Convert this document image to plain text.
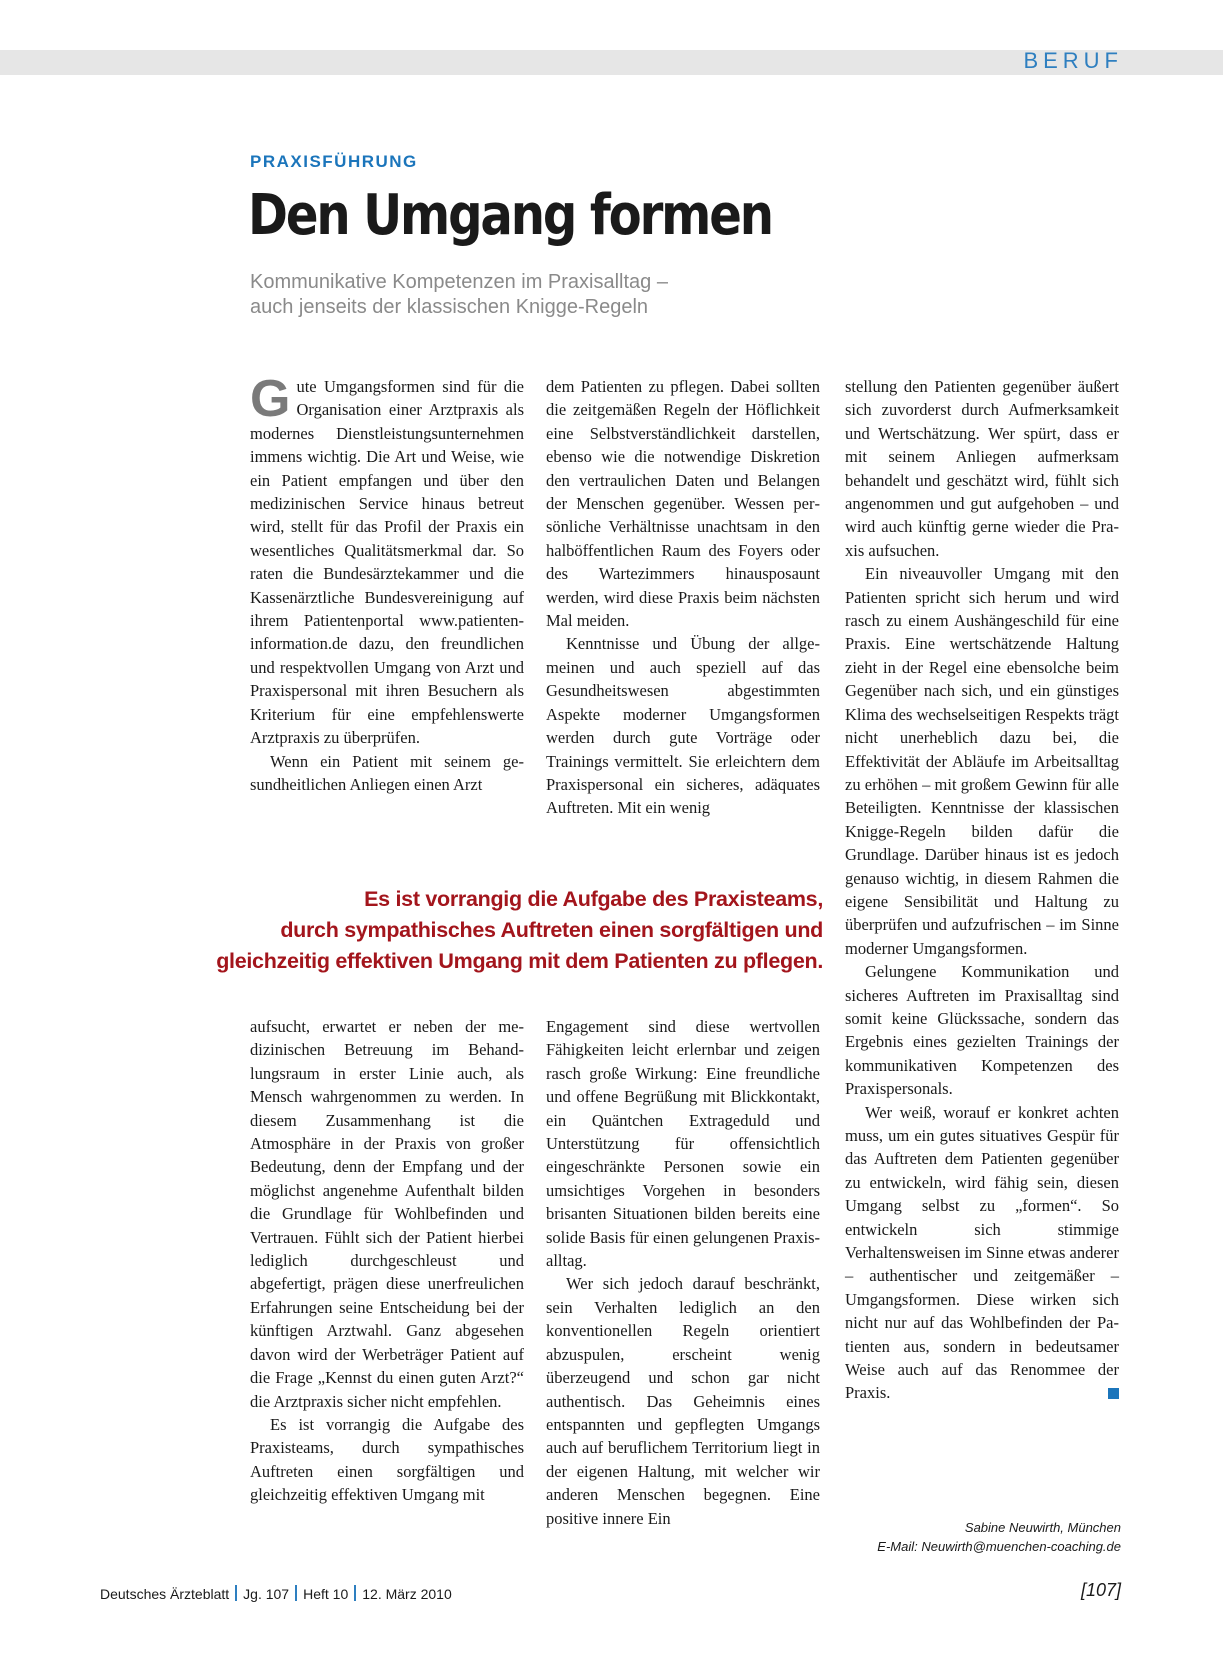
BERUF
PRAXISFÜHRUNG
Den Umgang formen
Kommunikative Kompetenzen im Praxisalltag –
auch jenseits der klassischen Knigge-Regeln

Gute Umgangsformen sind für die Organisation einer Arztpraxis als modernes Dienstleistungsunternehmen immens wichtig. Die Art und Weise, wie ein Patient empfangen und über den medizinischen Service hinaus betreut wird, stellt für das Profil der Praxis ein wesentliches Qualitätsmerkmal dar. So raten die Bundesärztekammer und die Kassenärztliche Bundesvereinigung auf ihrem Patientenportal www.patienten-information.de dazu, den freundlichen und respektvollen Umgang von Arzt und Praxispersonal mit ihren Besuchern als Kriterium für eine empfehlenswerte Arztpraxis zu überprüfen.

Wenn ein Patient mit seinem gesundheitlichen Anliegen einen Arzt

dem Patienten zu pflegen. Dabei sollten die zeitgemäßen Regeln der Höflichkeit eine Selbstverständlichkeit darstellen, ebenso wie die notwendige Diskretion den vertraulichen Daten und Belangen der Menschen gegenüber. Wessen persönliche Verhältnisse unachtsam in den halböffentlichen Raum des Foyers oder des Wartezimmers hinausposaunt werden, wird diese Praxis beim nächsten Mal meiden.

Kenntnisse und Übung der allgemeinen und auch speziell auf das Gesundheitswesen abgestimmten Aspekte moderner Umgangsformen werden durch gute Vorträge oder Trainings vermittelt. Sie erleichtern dem Praxispersonal ein sicheres, adäquates Auftreten. Mit ein wenig

Es ist vorrangig die Aufgabe des Praxisteams,
durch sympathisches Auftreten einen sorgfältigen und
gleichzeitig effektiven Umgang mit dem Patienten zu pflegen.

aufsucht, erwartet er neben der medizinischen Betreuung im Behandlungsraum in erster Linie auch, als Mensch wahrgenommen zu werden. In diesem Zusammenhang ist die Atmosphäre in der Praxis von großer Bedeutung, denn der Empfang und der möglichst angenehme Aufenthalt bilden die Grundlage für Wohlbefinden und Vertrauen. Fühlt sich der Patient hierbei lediglich durchgeschleust und abgefertigt, prägen diese unerfreulichen Erfahrungen seine Entscheidung bei der künftigen Arztwahl. Ganz abgesehen davon wird der Werbeträger Patient auf die Frage „Kennst du einen guten Arzt?“ die Arztpraxis sicher nicht empfehlen.

Es ist vorrangig die Aufgabe des Praxisteams, durch sympathisches Auftreten einen sorgfältigen und gleichzeitig effektiven Umgang mit

Engagement sind diese wertvollen Fähigkeiten leicht erlernbar und zeigen rasch große Wirkung: Eine freundliche und offene Begrüßung mit Blickkontakt, ein Quäntchen Extrageduld und Unterstützung für offensichtlich eingeschränkte Personen sowie ein umsichtiges Vorgehen in besonders brisanten Situationen bilden bereits eine solide Basis für einen gelungenen Praxisalltag.

Wer sich jedoch darauf beschränkt, sein Verhalten lediglich an den konventionellen Regeln orientiert abzuspulen, erscheint wenig überzeugend und schon gar nicht authentisch. Das Geheimnis eines entspannten und gepflegten Umgangs auch auf beruflichem Territorium liegt in der eigenen Haltung, mit welcher wir anderen Menschen begegnen. Eine positive innere Ein

stellung den Patienten gegenüber äußert sich zuvorderst durch Aufmerksamkeit und Wertschätzung. Wer spürt, dass er mit seinem Anliegen aufmerksam behandelt und geschätzt wird, fühlt sich angenommen und gut aufgehoben – und wird auch künftig gerne wieder die Praxis aufsuchen.

Ein niveauvoller Umgang mit den Patienten spricht sich herum und wird rasch zu einem Aushängeschild für eine Praxis. Eine wertschätzende Haltung zieht in der Regel eine ebensolche beim Gegenüber nach sich, und ein günstiges Klima des wechselseitigen Respekts trägt nicht unerheblich dazu bei, die Effektivität der Abläufe im Arbeitsalltag zu erhöhen – mit großem Gewinn für alle Beteiligten. Kenntnisse der klassischen Knigge-Regeln bilden dafür die Grundlage. Darüber hinaus ist es jedoch genauso wichtig, in diesem Rahmen die eigene Sensibilität und Haltung zu überprüfen und aufzufrischen – im Sinne moderner Umgangsformen.

Gelungene Kommunikation und sicheres Auftreten im Praxisalltag sind somit keine Glückssache, sondern das Ergebnis eines gezielten Trainings der kommunikativen Kompetenzen des Praxispersonals.

Wer weiß, worauf er konkret achten muss, um ein gutes situatives Gespür für das Auftreten dem Patienten gegenüber zu entwickeln, wird fähig sein, diesen Umgang selbst zu „formen“. So entwickeln sich stimmige Verhaltensweisen im Sinne etwas anderer – authentischer und zeitgemäßer – Umgangsformen. Diese wirken sich nicht nur auf das Wohlbefinden der Patienten aus, sondern in bedeutsamer Weise auch auf das Renommee der Praxis.

Sabine Neuwirth, München
E-Mail: Neuwirth@muenchen-coaching.de
Deutsches Ärzteblatt Jg. 107 Heft 10 12. März 2010	[107]
